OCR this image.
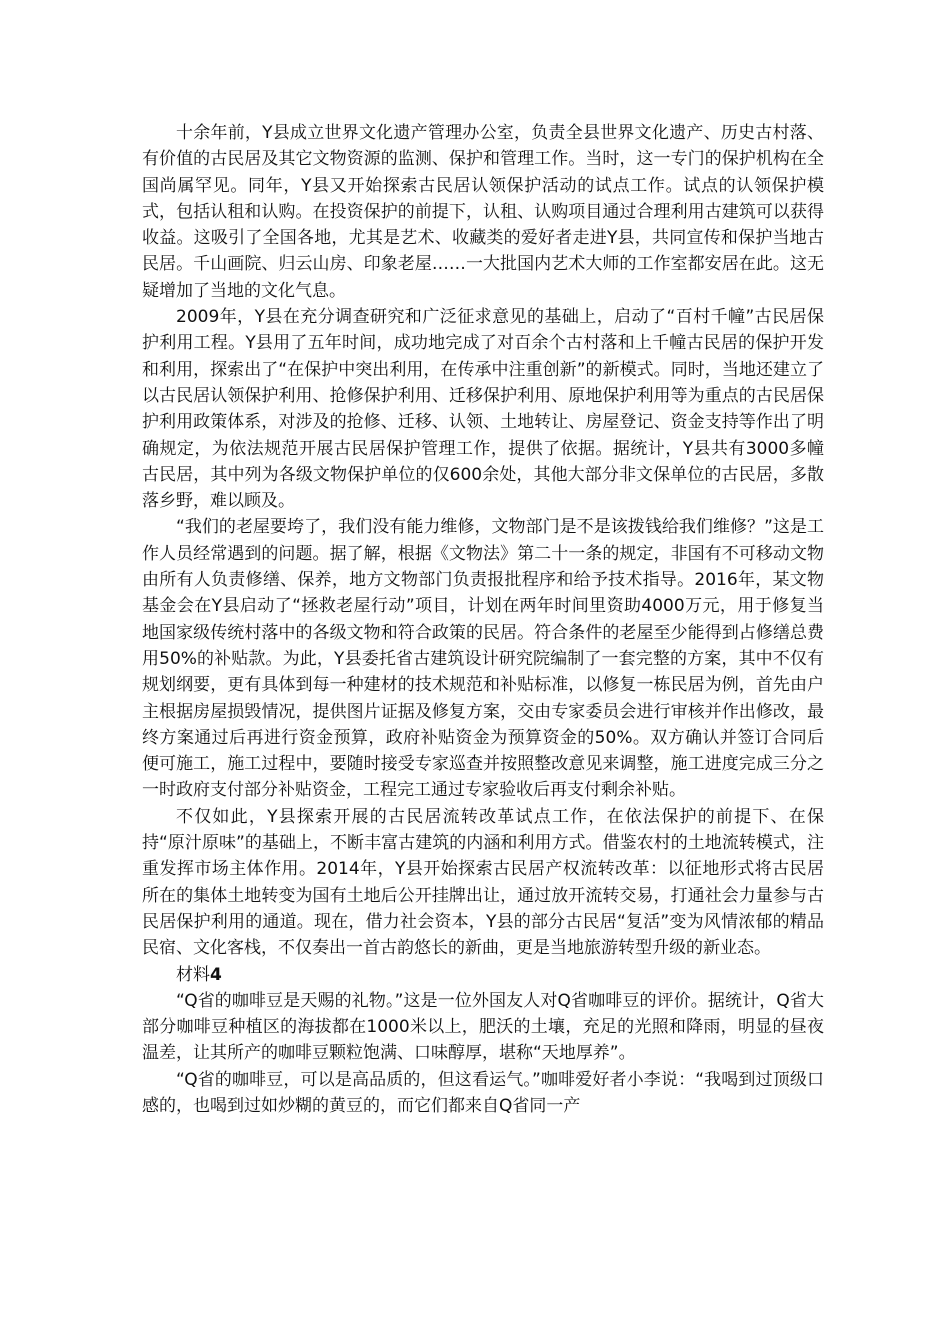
十余年前，Y县成立世界文化遗产管理办公室，负责全县世界文化遗产、历史古村落、有价值的古民居及其它文物资源的监测、保护和管理工作。当时，这一专门的保护机构在全国尚属罕见。同年，Y县又开始探索古民居认领保护活动的试点工作。试点的认领保护模式，包括认租和认购。在投资保护的前提下，认租、认购项目通过合理利用古建筑可以获得收益。这吸引了全国各地，尤其是艺术、收藏类的爱好者走进Y县，共同宣传和保护当地古民居。千山画院、归云山房、印象老屋……一大批国内艺术大师的工作室都安居在此。这无疑增加了当地的文化气息。

2009年，Y县在充分调查研究和广泛征求意见的基础上，启动了“百村千幢”古民居保护利用工程。Y县用了五年时间，成功地完成了对百余个古村落和上千幢古民居的保护开发和利用，探索出了“在保护中突出利用，在传承中注重创新”的新模式。同时，当地还建立了以古民居认领保护利用、抢修保护利用、迁移保护利用、原地保护利用等为重点的古民居保护利用政策体系，对涉及的抢修、迁移、认领、土地转让、房屋登记、资金支持等作出了明确规定，为依法规范开展古民居保护管理工作，提供了依据。据统计，Y县共有3000多幢古民居，其中列为各级文物保护单位的仅600余处，其他大部分非文保单位的古民居，多散落乡野，难以顾及。

“我们的老屋要垮了，我们没有能力维修，文物部门是不是该拨钱给我们维修？”这是工作人员经常遇到的问题。据了解，根据《文物法》第二十一条的规定，非国有不可移动文物由所有人负责修缮、保养，地方文物部门负责报批程序和给予技术指导。2016年，某文物基金会在Y县启动了“拯救老屋行动”项目，计划在两年时间里资助4000万元，用于修复当地国家级传统村落中的各级文物和符合政策的民居。符合条件的老屋至少能得到占修缮总费用50%的补贴款。为此，Y县委托省古建筑设计研究院编制了一套完整的方案，其中不仅有规划纲要，更有具体到每一种建材的技术规范和补贴标准，以修复一栋民居为例，首先由户主根据房屋损毁情况，提供图片证据及修复方案，交由专家委员会进行审核并作出修改，最终方案通过后再进行资金预算，政府补贴资金为预算资金的50%。双方确认并签订合同后便可施工，施工过程中，要随时接受专家巡查并按照整改意见来调整，施工进度完成三分之一时政府支付部分补贴资金，工程完工通过专家验收后再支付剩余补贴。

不仅如此，Y县探索开展的古民居流转改革试点工作，在依法保护的前提下、在保持“原汁原味”的基础上，不断丰富古建筑的内涵和利用方式。借鉴农村的土地流转模式，注重发挥市场主体作用。2014年，Y县开始探索古民居产权流转改革：以征地形式将古民居所在的集体土地转变为国有土地后公开挂牌出让，通过放开流转交易，打通社会力量参与古民居保护利用的通道。现在，借力社会资本，Y县的部分古民居“复活”变为风情浓郁的精品民宿、文化客栈，不仅奏出一首古韵悠长的新曲，更是当地旅游转型升级的新业态。

材料4

“Q省的咖啡豆是天赐的礼物。”这是一位外国友人对Q省咖啡豆的评价。据统计，Q省大部分咖啡豆种植区的海拔都在1000米以上，肥沃的土壤，充足的光照和降雨，明显的昼夜温差，让其所产的咖啡豆颗粒饱满、口味醇厚，堪称“天地厚养”。

“Q省的咖啡豆，可以是高品质的，但这看运气。”咖啡爱好者小李说：“我喝到过顶级口感的，也喝到过如炒糊的黄豆的，而它们都来自Q省同一产
